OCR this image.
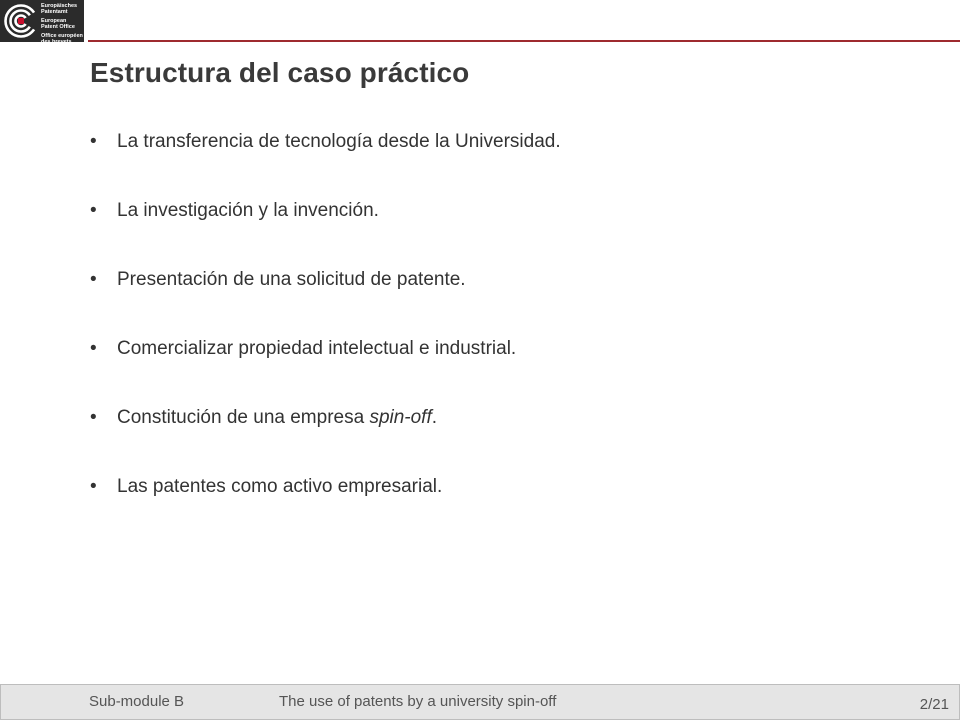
Europäisches
Patentamt
European
Patent Office
Office européen
des brevets
Estructura del caso práctico
• La transferencia de tecnología desde la Universidad.
• La investigación y la invención.
• Presentación de una solicitud de patente.
• Comercializar propiedad intelectual e industrial.
• Constitución de una empresa spin-off.
• Las patentes como activo empresarial.
Sub-module B	The use of patents by a university spin-off	2/21
